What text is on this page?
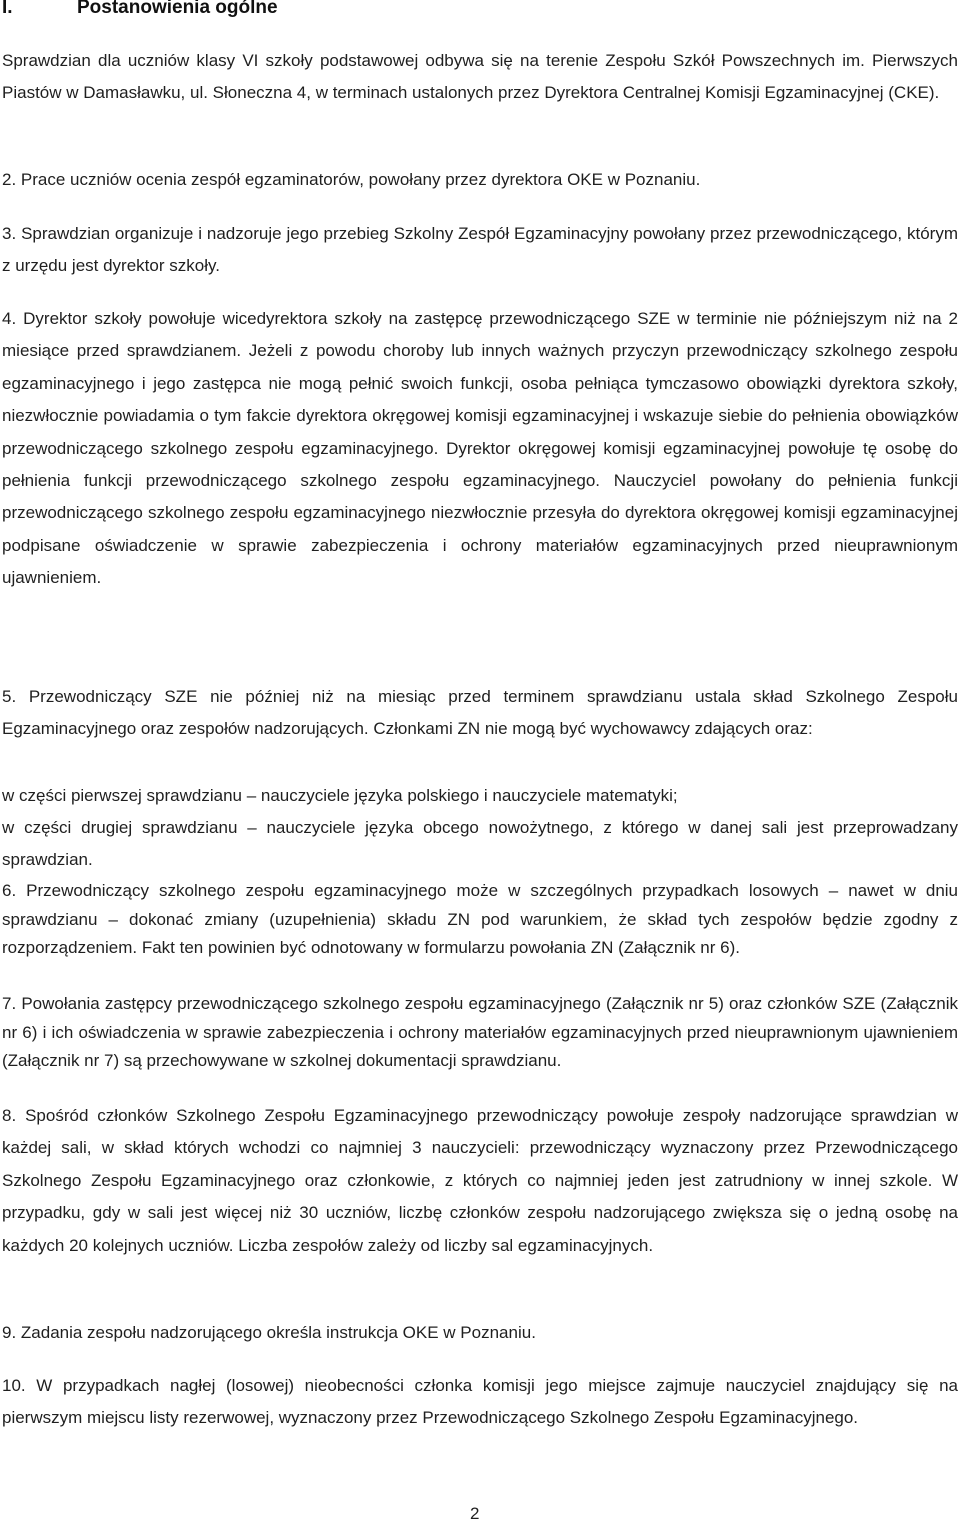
I.	Postanowienia ogólne
Sprawdzian dla uczniów klasy VI szkoły podstawowej odbywa się na terenie Zespołu Szkół Powszechnych im. Pierwszych Piastów w Damasławku, ul. Słoneczna 4, w terminach ustalonych przez Dyrektora Centralnej Komisji Egzaminacyjnej (CKE).
2. Prace uczniów ocenia zespół egzaminatorów, powołany przez dyrektora OKE w Poznaniu.
3. Sprawdzian organizuje i nadzoruje jego przebieg Szkolny Zespół Egzaminacyjny powołany przez przewodniczącego, którym z urzędu jest dyrektor szkoły.
4. Dyrektor szkoły powołuje wicedyrektora szkoły na zastępcę przewodniczącego SZE w terminie nie późniejszym niż na 2 miesiące przed sprawdzianem. Jeżeli z powodu choroby lub innych ważnych przyczyn przewodniczący szkolnego zespołu egzaminacyjnego i jego zastępca nie mogą pełnić swoich funkcji, osoba pełniąca tymczasowo obowiązki dyrektora szkoły, niezwłocznie powiadamia o tym fakcie dyrektora okręgowej komisji egzaminacyjnej i wskazuje siebie do pełnienia obowiązków przewodniczącego szkolnego zespołu egzaminacyjnego. Dyrektor okręgowej komisji egzaminacyjnej powołuje tę osobę do pełnienia funkcji przewodniczącego szkolnego zespołu egzaminacyjnego. Nauczyciel powołany do pełnienia funkcji przewodniczącego szkolnego zespołu egzaminacyjnego niezwłocznie przesyła do dyrektora okręgowej komisji egzaminacyjnej podpisane oświadczenie w sprawie zabezpieczenia i ochrony materiałów egzaminacyjnych przed nieuprawnionym ujawnieniem.
5. Przewodniczący SZE nie później niż na miesiąc przed terminem sprawdzianu ustala skład Szkolnego Zespołu Egzaminacyjnego oraz zespołów nadzorujących. Członkami ZN nie mogą być wychowawcy zdających oraz:
w części pierwszej sprawdzianu – nauczyciele języka polskiego i nauczyciele matematyki;
w części drugiej sprawdzianu – nauczyciele języka obcego nowożytnego, z którego w danej sali jest przeprowadzany sprawdzian.
6. Przewodniczący szkolnego zespołu egzaminacyjnego może w szczególnych przypadkach losowych – nawet w dniu sprawdzianu – dokonać zmiany (uzupełnienia) składu ZN pod warunkiem, że skład tych zespołów będzie zgodny z rozporządzeniem. Fakt ten powinien być odnotowany w formularzu powołania ZN (Załącznik nr 6).
7. Powołania zastępcy przewodniczącego szkolnego zespołu egzaminacyjnego (Załącznik nr 5) oraz członków SZE (Załącznik nr 6) i ich oświadczenia w sprawie zabezpieczenia i ochrony materiałów egzaminacyjnych przed nieuprawnionym ujawnieniem (Załącznik nr 7) są przechowywane w szkolnej dokumentacji sprawdzianu.
8. Spośród członków Szkolnego Zespołu Egzaminacyjnego przewodniczący powołuje zespoły nadzorujące sprawdzian w każdej sali, w skład których wchodzi co najmniej 3 nauczycieli: przewodniczący wyznaczony przez Przewodniczącego Szkolnego Zespołu Egzaminacyjnego oraz członkowie, z których co najmniej jeden jest zatrudniony w innej szkole. W przypadku, gdy w sali jest więcej niż 30 uczniów, liczbę członków zespołu nadzorującego zwiększa się o jedną osobę na każdych 20 kolejnych uczniów. Liczba zespołów zależy od liczby sal egzaminacyjnych.
9. Zadania zespołu nadzorującego określa instrukcja OKE w Poznaniu.
10. W przypadkach nagłej (losowej) nieobecności członka komisji jego miejsce zajmuje nauczyciel znajdujący się na pierwszym miejscu listy rezerwowej, wyznaczony przez Przewodniczącego Szkolnego Zespołu Egzaminacyjnego.
2
